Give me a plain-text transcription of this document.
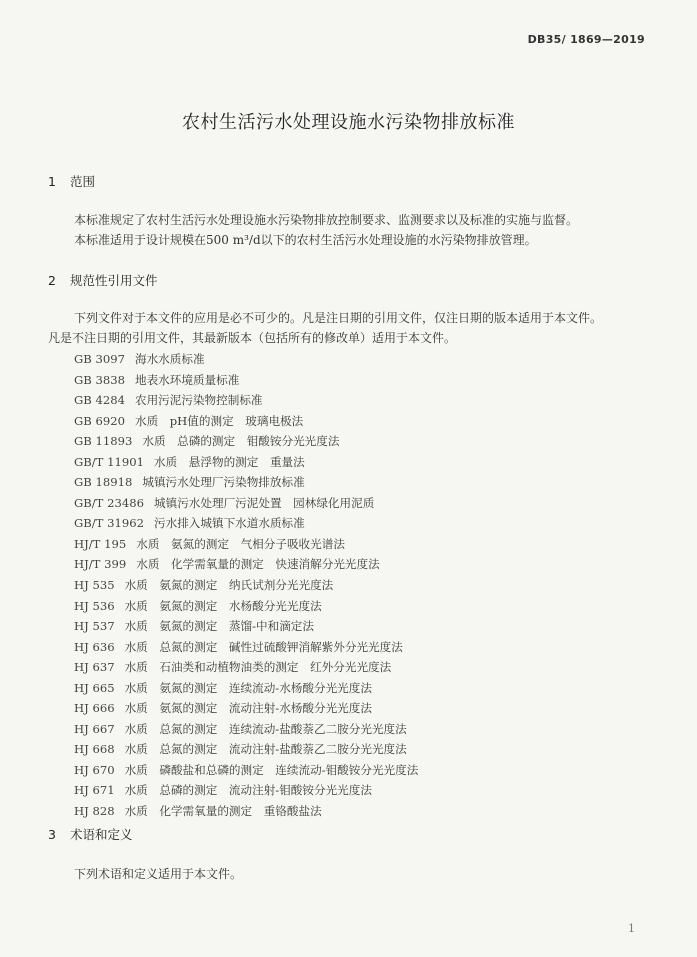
DB35/ 1869—2019
农村生活污水处理设施水污染物排放标准
1 范围
本标准规定了农村生活污水处理设施水污染物排放控制要求、监测要求以及标准的实施与监督。
本标准适用于设计规模在500 m³/d以下的农村生活污水处理设施的水污染物排放管理。
2 规范性引用文件
下列文件对于本文件的应用是必不可少的。凡是注日期的引用文件，仅注日期的版本适用于本文件。
凡是不注日期的引用文件，其最新版本（包括所有的修改单）适用于本文件。
GB 3097 海水水质标准
GB 3838 地表水环境质量标准
GB 4284 农用污泥污染物控制标准
GB 6920 水质　pH值的测定　玻璃电极法
GB 11893 水质　总磷的测定　钼酸铵分光光度法
GB/T 11901 水质　悬浮物的测定　重量法
GB 18918 城镇污水处理厂污染物排放标准
GB/T 23486 城镇污水处理厂污泥处置　园林绿化用泥质
GB/T 31962 污水排入城镇下水道水质标准
HJ/T 195 水质　氨氮的测定　气相分子吸收光谱法
HJ/T 399 水质　化学需氧量的测定　快速消解分光光度法
HJ 535 水质　氨氮的测定　纳氏试剂分光光度法
HJ 536 水质　氨氮的测定　水杨酸分光光度法
HJ 537 水质　氨氮的测定　蒸馏-中和滴定法
HJ 636 水质　总氮的测定　碱性过硫酸钾消解紫外分光光度法
HJ 637 水质　石油类和动植物油类的测定　红外分光光度法
HJ 665 水质　氨氮的测定　连续流动-水杨酸分光光度法
HJ 666 水质　氨氮的测定　流动注射-水杨酸分光光度法
HJ 667 水质　总氮的测定　连续流动-盐酸萘乙二胺分光光度法
HJ 668 水质　总氮的测定　流动注射-盐酸萘乙二胺分光光度法
HJ 670 水质　磷酸盐和总磷的测定　连续流动-钼酸铵分光光度法
HJ 671 水质　总磷的测定　流动注射-钼酸铵分光光度法
HJ 828 水质　化学需氧量的测定　重铬酸盐法
3 术语和定义
下列术语和定义适用于本文件。
1
